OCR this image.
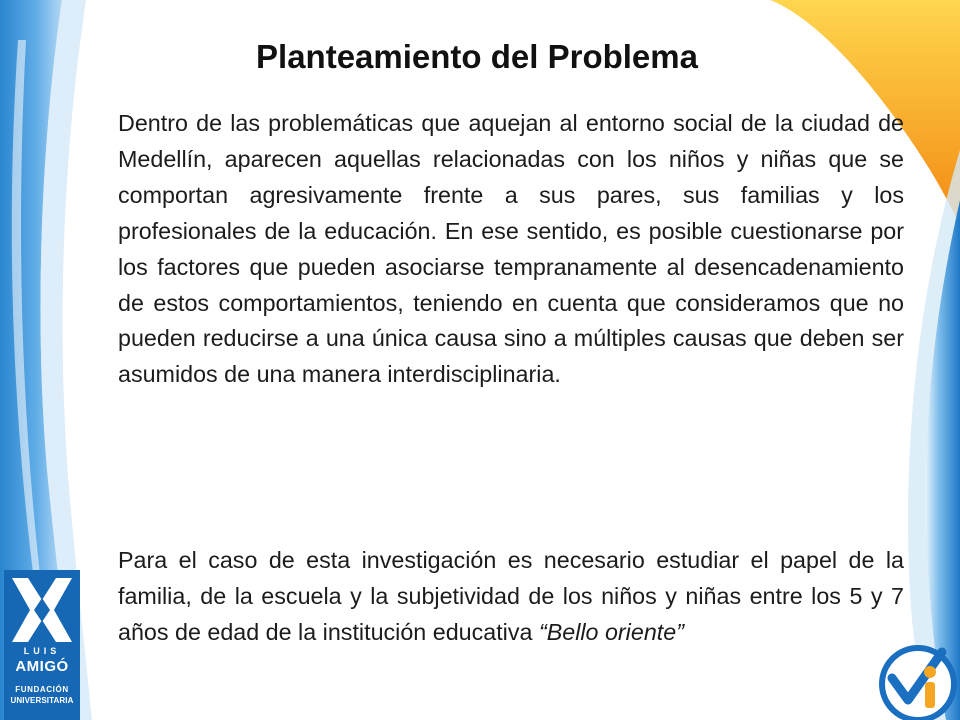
Planteamiento del Problema

Dentro de las problemáticas que aquejan al entorno social de la ciudad de Medellín, aparecen aquellas relacionadas con los niños y niñas que se comportan agresivamente frente a sus pares, sus familias y los profesionales de la educación. En ese sentido, es posible cuestionarse por los factores que pueden asociarse tempranamente al desencadenamiento de estos comportamientos, teniendo en cuenta que consideramos que no pueden reducirse a una única causa sino a múltiples causas que deben ser asumidos de una manera interdisciplinaria.

Para el caso de esta investigación es necesario estudiar el papel de la familia, de la escuela y la subjetividad de los niños y niñas entre los 5 y 7 años de edad de la institución educativa “Bello oriente”

LUIS
AMIGÓ
FUNDACIÓN
UNIVERSITARIA
